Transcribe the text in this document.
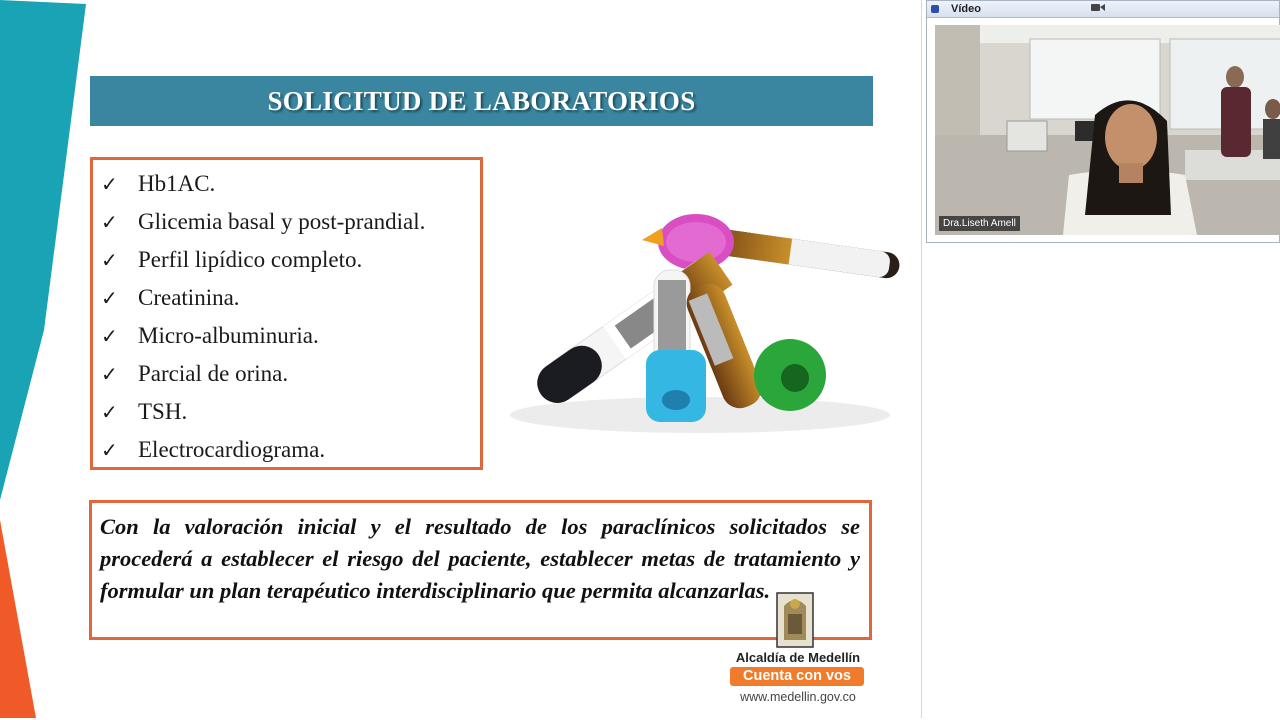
SOLICITUD DE LABORATORIOS
✓ Hb1AC.
✓ Glicemia basal y post-prandial.
✓ Perfil lipídico completo.
✓ Creatinina.
✓ Micro-albuminuria.
✓ Parcial de orina.
✓ TSH.
✓ Electrocardiograma.

Con la valoración inicial y el resultado de los paraclínicos solicitados se procederá a establecer el riesgo del paciente, establecer metas de tratamiento y formular un plan terapéutico interdisciplinario que permita alcanzarlas.

Alcaldía de Medellín
Cuenta con vos
www.medellin.gov.co
Vídeo
Dra.Liseth Amell
